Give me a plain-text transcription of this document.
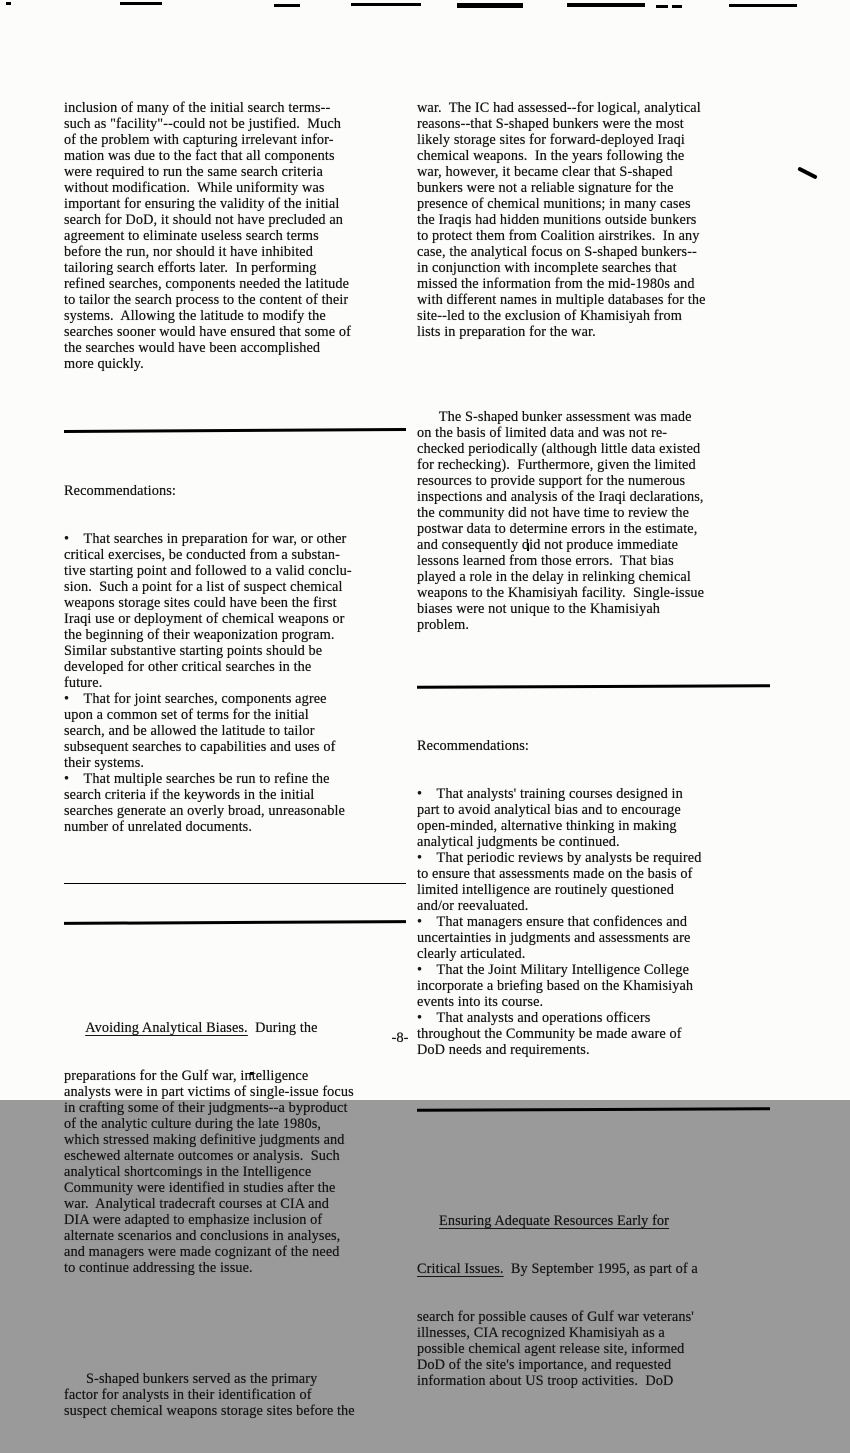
inclusion of many of the initial search terms--
such as "facility"--could not be justified.  Much
of the problem with capturing irrelevant infor-
mation was due to the fact that all components
were required to run the same search criteria
without modification.  While uniformity was
important for ensuring the validity of the initial
search for DoD, it should not have precluded an
agreement to eliminate useless search terms
before the run, nor should it have inhibited
tailoring search efforts later.  In performing
refined searches, components needed the latitude
to tailor the search process to the content of their
systems.  Allowing the latitude to modify the
searches sooner would have ensured that some of
the searches would have been accomplished
more quickly.

Recommendations:

•    That searches in preparation for war, or other
critical exercises, be conducted from a substan-
tive starting point and followed to a valid conclu-
sion.  Such a point for a list of suspect chemical
weapons storage sites could have been the first
Iraqi use or deployment of chemical weapons or
the beginning of their weaponization program.
Similar substantive starting points should be
developed for other critical searches in the
future.
•    That for joint searches, components agree
upon a common set of terms for the initial
search, and be allowed the latitude to tailor
subsequent searches to capabilities and uses of
their systems.
•    That multiple searches be run to refine the
search criteria if the keywords in the initial
searches generate an overly broad, unreasonable
number of unrelated documents.

Avoiding Analytical Biases.  During the

preparations for the Gulf war, intelligence
analysts were in part victims of single-issue focus
in crafting some of their judgments--a byproduct
of the analytic culture during the late 1980s,
which stressed making definitive judgments and
eschewed alternate outcomes or analysis.  Such
analytical shortcomings in the Intelligence
Community were identified in studies after the
war.  Analytical tradecraft courses at CIA and
DIA were adapted to emphasize inclusion of
alternate scenarios and conclusions in analyses,
and managers were made cognizant of the need
to continue addressing the issue.

S-shaped bunkers served as the primary
factor for analysts in their identification of
suspect chemical weapons storage sites before the

war.  The IC had assessed--for logical, analytical
reasons--that S-shaped bunkers were the most
likely storage sites for forward-deployed Iraqi
chemical weapons.  In the years following the
war, however, it became clear that S-shaped
bunkers were not a reliable signature for the
presence of chemical munitions; in many cases
the Iraqis had hidden munitions outside bunkers
to protect them from Coalition airstrikes.  In any
case, the analytical focus on S-shaped bunkers--
in conjunction with incomplete searches that
missed the information from the mid-1980s and
with different names in multiple databases for the
site--led to the exclusion of Khamisiyah from
lists in preparation for the war.

The S-shaped bunker assessment was made
on the basis of limited data and was not re-
checked periodically (although little data existed
for rechecking).  Furthermore, given the limited
resources to provide support for the numerous
inspections and analysis of the Iraqi declarations,
the community did not have time to review the
postwar data to determine errors in the estimate,
and consequently did not produce immediate
lessons learned from those errors.  That bias
played a role in the delay in relinking chemical
weapons to the Khamisiyah facility.  Single-issue
biases were not unique to the Khamisiyah
problem.

Recommendations:

•    That analysts' training courses designed in
part to avoid analytical bias and to encourage
open-minded, alternative thinking in making
analytical judgments be continued.
•    That periodic reviews by analysts be required
to ensure that assessments made on the basis of
limited intelligence are routinely questioned
and/or reevaluated.
•    That managers ensure that confidences and
uncertainties in judgments and assessments are
clearly articulated.
•    That the Joint Military Intelligence College
incorporate a briefing based on the Khamisiyah
events into its course.
•    That analysts and operations officers
throughout the Community be made aware of
DoD needs and requirements.

Ensuring Adequate Resources Early for

Critical Issues.  By September 1995, as part of a

search for possible causes of Gulf war veterans'
illnesses, CIA recognized Khamisiyah as a
possible chemical agent release site, informed
DoD of the site's importance, and requested
information about US troop activities.  DoD

-8-
